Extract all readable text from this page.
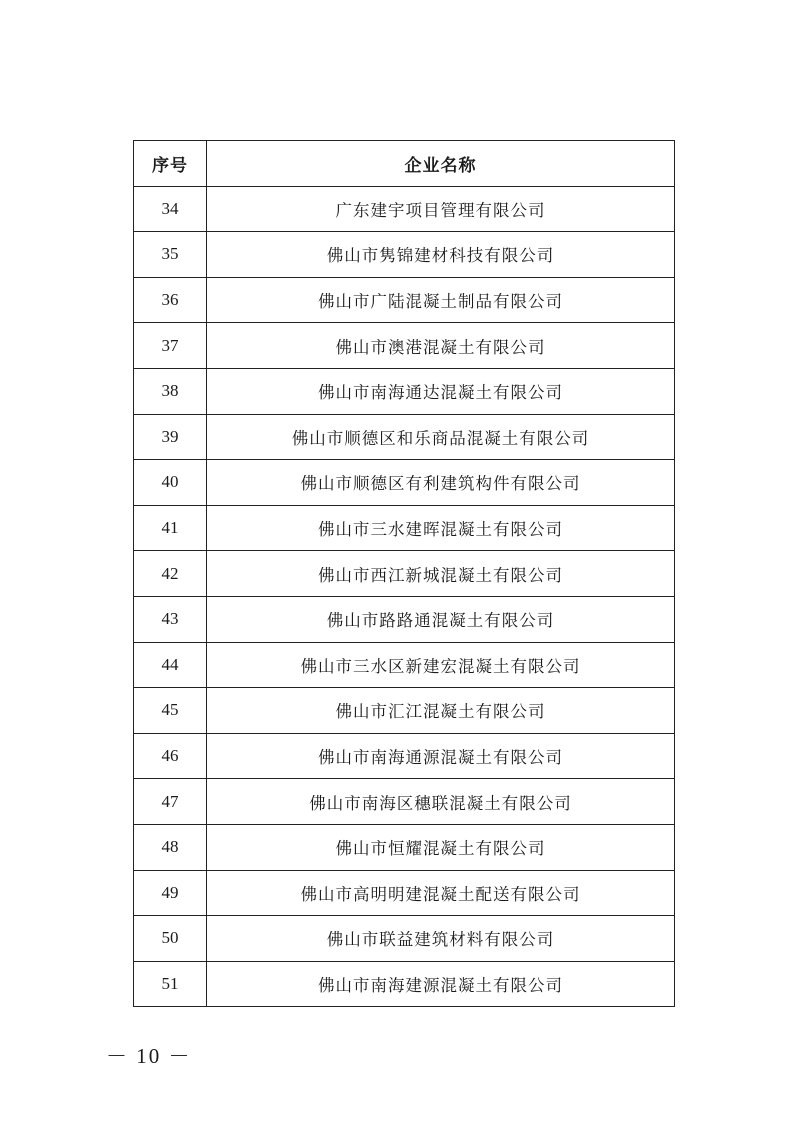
序号	企业名称
34	广东建宇项目管理有限公司
35	佛山市隽锦建材科技有限公司
36	佛山市广陆混凝土制品有限公司
37	佛山市澳港混凝土有限公司
38	佛山市南海通达混凝土有限公司
39	佛山市顺德区和乐商品混凝土有限公司
40	佛山市顺德区有利建筑构件有限公司
41	佛山市三水建晖混凝土有限公司
42	佛山市西江新城混凝土有限公司
43	佛山市路路通混凝土有限公司
44	佛山市三水区新建宏混凝土有限公司
45	佛山市汇江混凝土有限公司
46	佛山市南海通源混凝土有限公司
47	佛山市南海区穗联混凝土有限公司
48	佛山市恒耀混凝土有限公司
49	佛山市高明明建混凝土配送有限公司
50	佛山市联益建筑材料有限公司
51	佛山市南海建源混凝土有限公司
－ 10 －
